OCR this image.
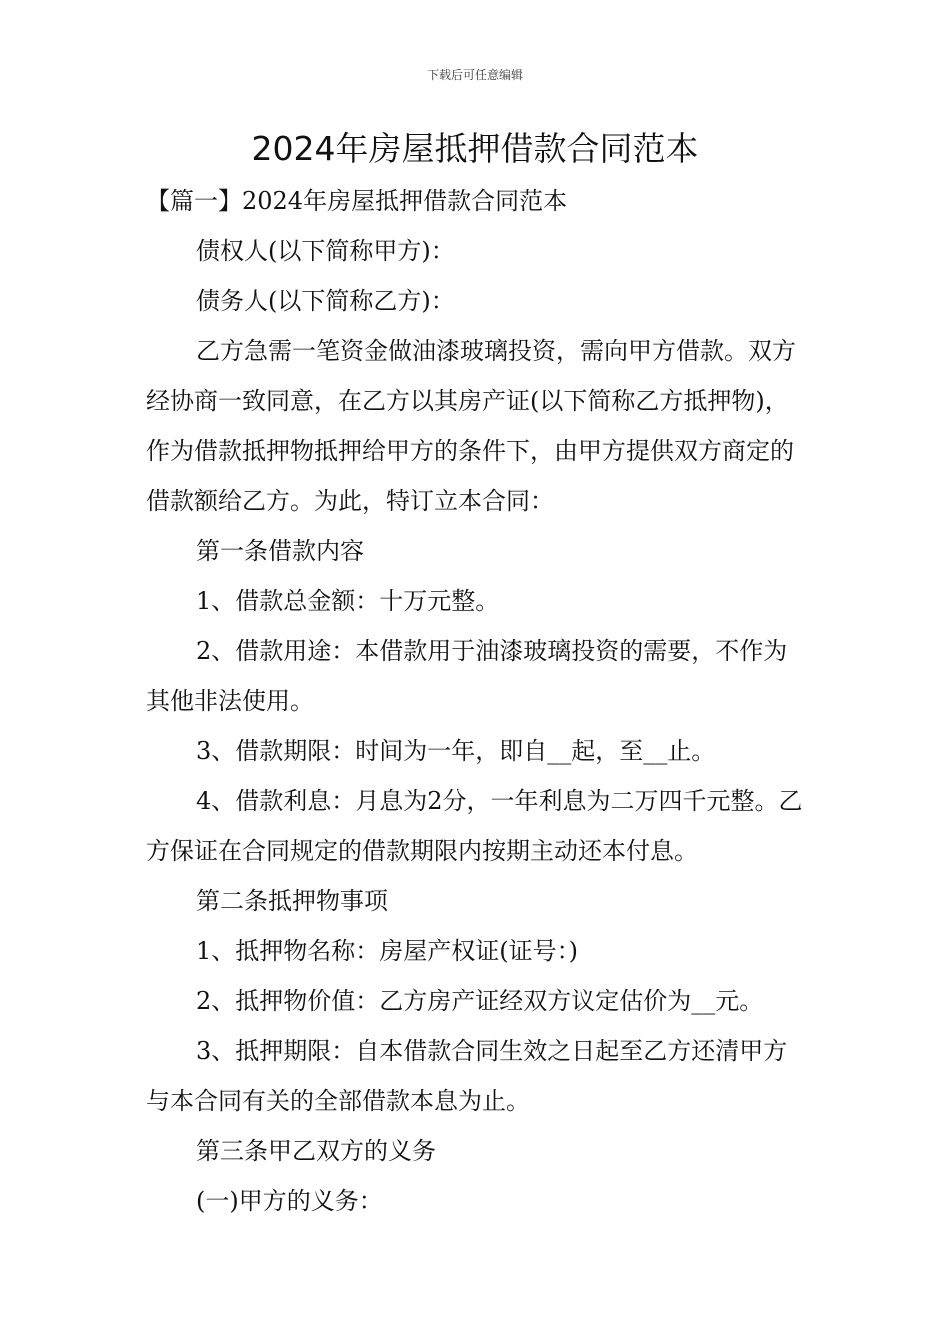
下载后可任意编辑
2024年房屋抵押借款合同范本

【篇一】2024年房屋抵押借款合同范本

债权人(以下简称甲方)：

债务人(以下简称乙方)：

乙方急需一笔资金做油漆玻璃投资，需向甲方借款。双方经协商一致同意，在乙方以其房产证(以下简称乙方抵押物)，作为借款抵押物抵押给甲方的条件下，由甲方提供双方商定的借款额给乙方。为此，特订立本合同：

第一条借款内容

1、借款总金额：十万元整。

2、借款用途：本借款用于油漆玻璃投资的需要，不作为其他非法使用。

3、借款期限：时间为一年，即自__起，至__止。

4、借款利息：月息为2分，一年利息为二万四千元整。乙方保证在合同规定的借款期限内按期主动还本付息。

第二条抵押物事项

1、抵押物名称：房屋产权证(证号：)

2、抵押物价值：乙方房产证经双方议定估价为__元。

3、抵押期限：自本借款合同生效之日起至乙方还清甲方与本合同有关的全部借款本息为止。

第三条甲乙双方的义务

(一)甲方的义务：
